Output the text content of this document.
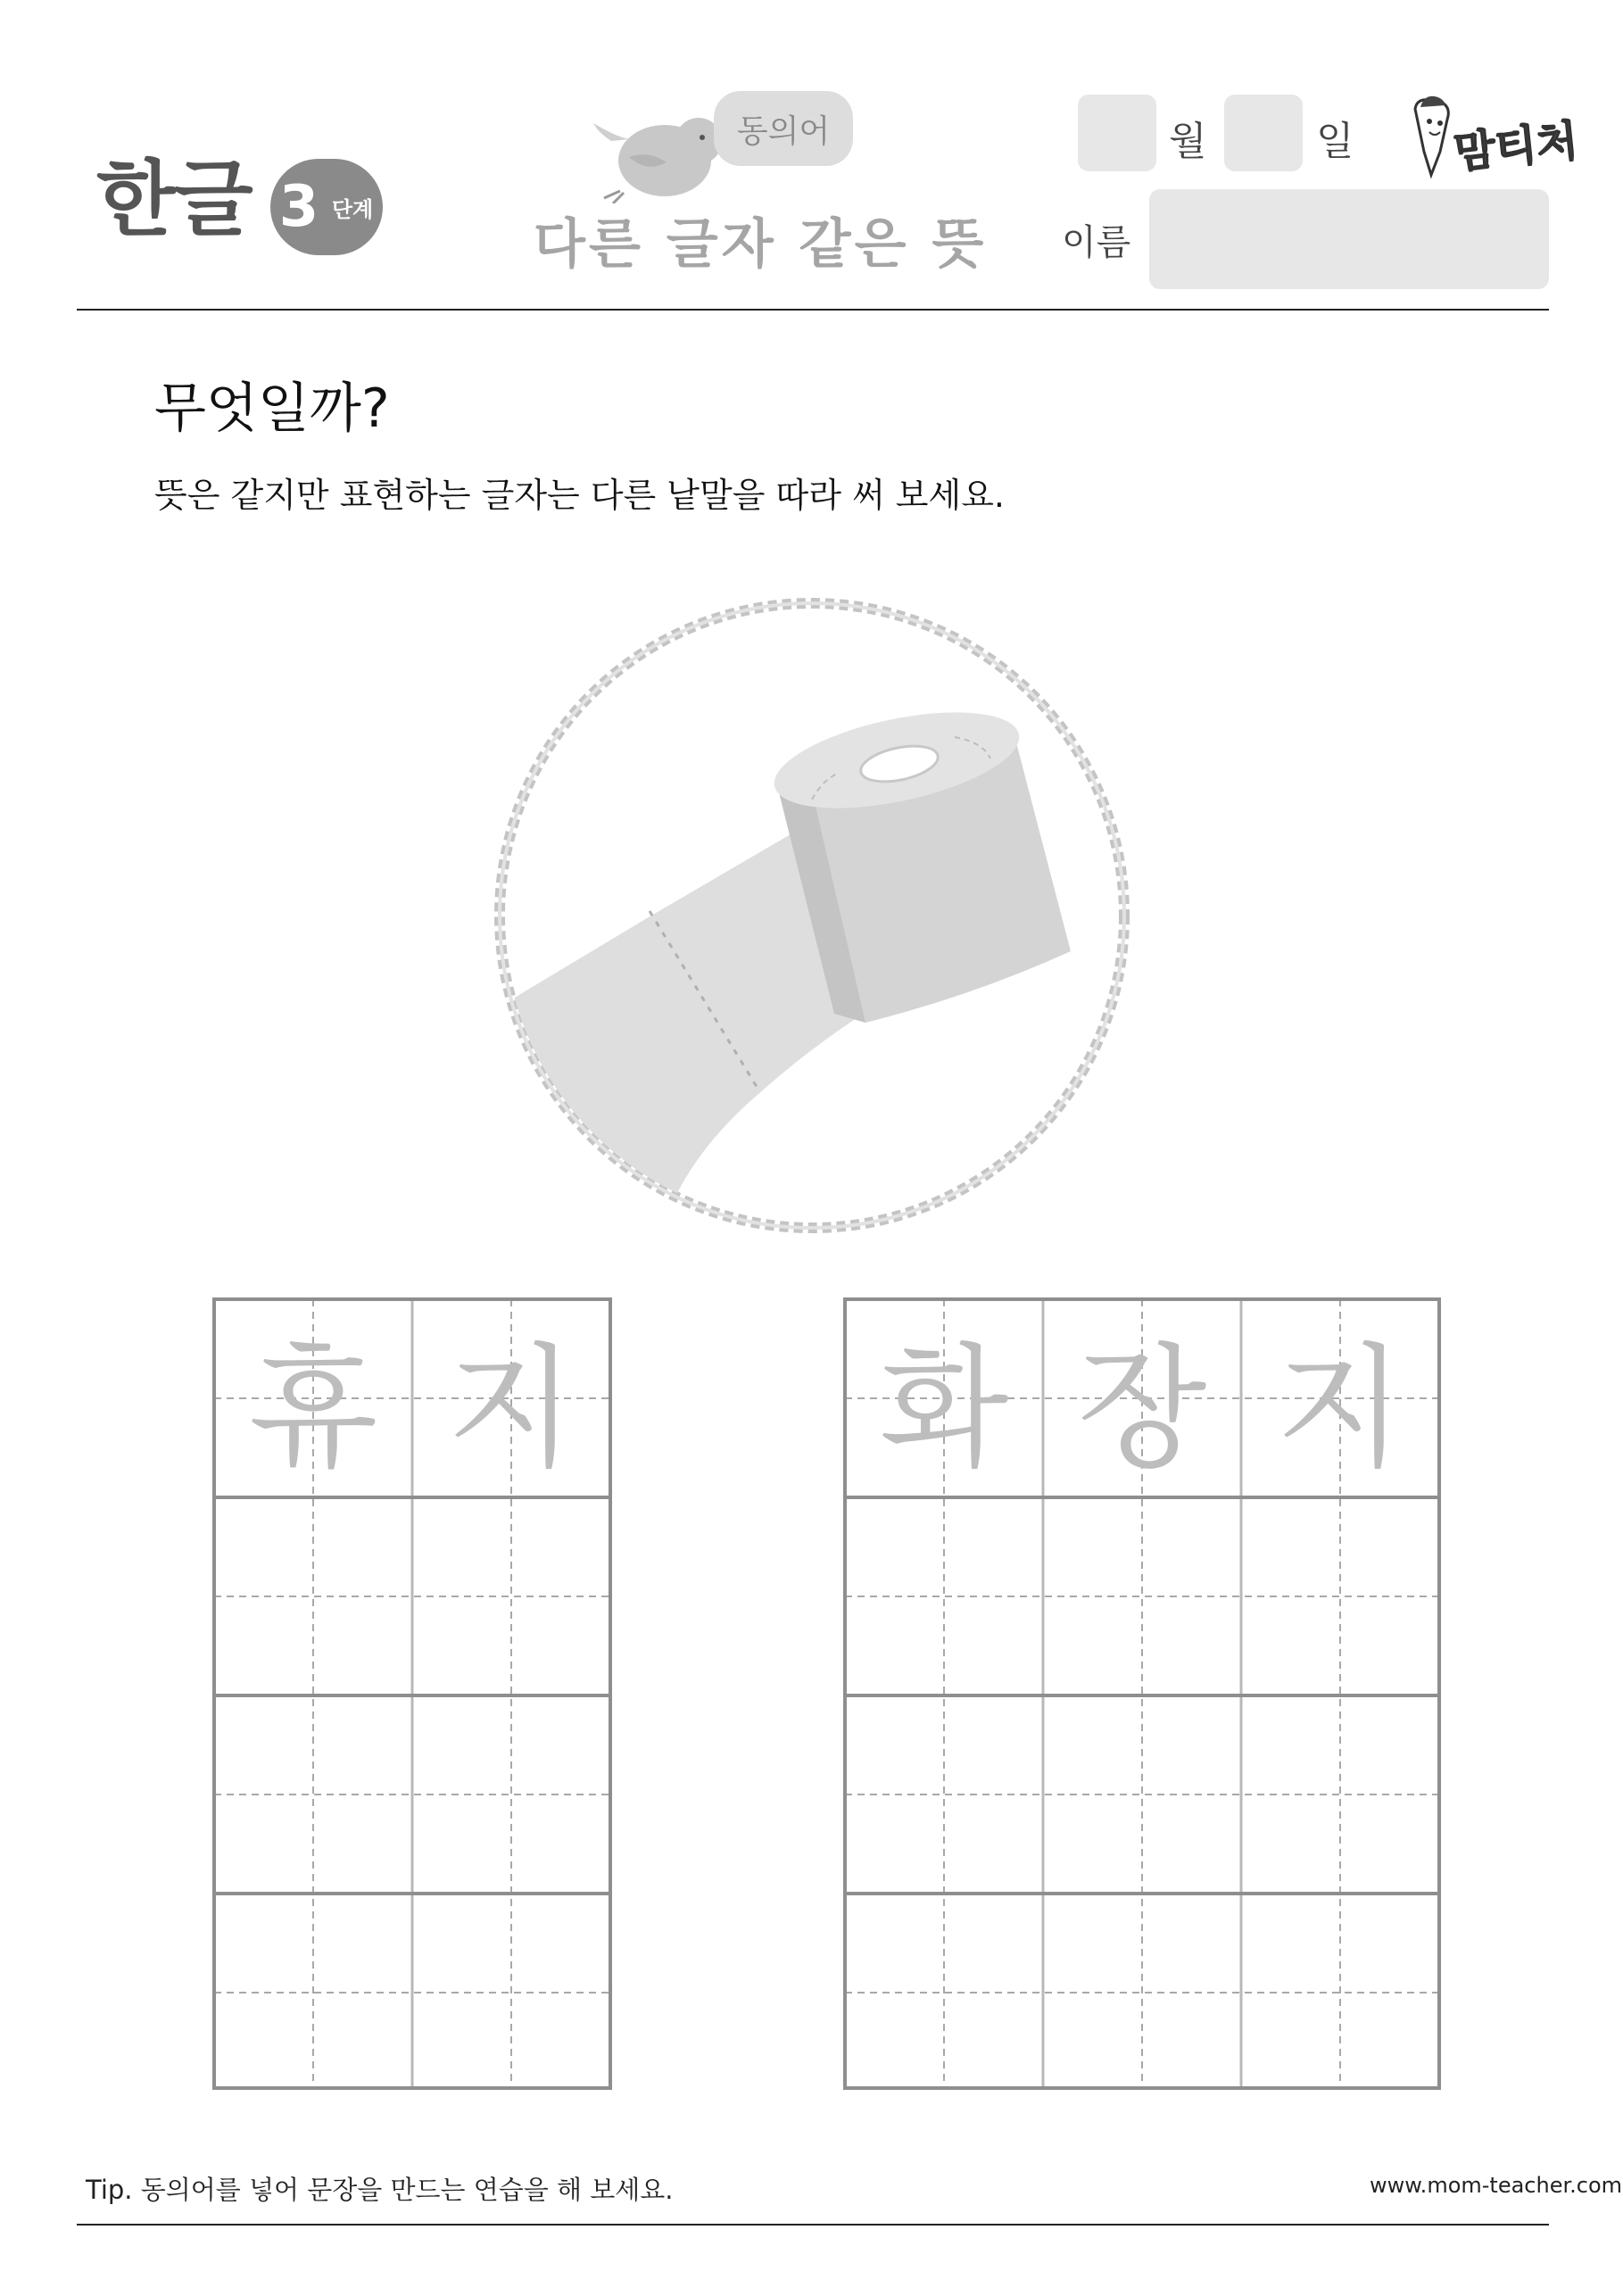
한글 3 단계
동의어
다른 글자 같은 뜻
월	일
이름
맘티처
무엇일까?
뜻은 같지만 표현하는 글자는 다른 낱말을 따라 써 보세요.
휴 지 화 장 지
Tip. 동의어를 넣어 문장을 만드는 연습을 해 보세요.	www.mom-teacher.com
